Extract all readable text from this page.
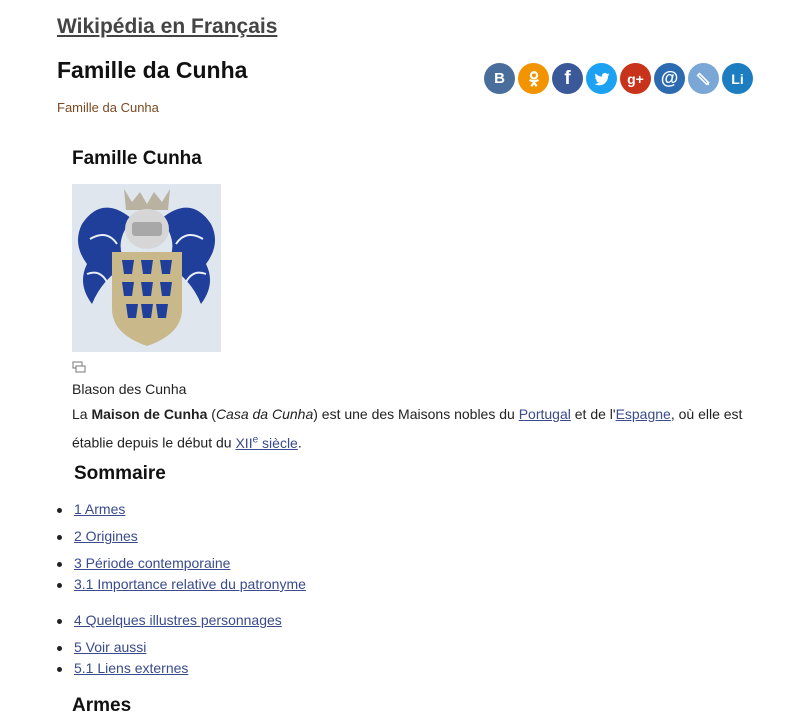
Wikipédia en Français
Famille da Cunha
Famille da Cunha
B	f	g+ @	Li
Famille Cunha
Blason des Cunha
La Maison de Cunha (Casa da Cunha) est une des Maisons nobles du Portugal et de l'Espagne, où elle est établie depuis le début du XIIe siècle.
Sommaire
1 Armes
2 Origines
3 Période contemporaine
3.1 Importance relative du patronyme
4 Quelques illustres personnages
5 Voir aussi
5.1 Liens externes
Armes
